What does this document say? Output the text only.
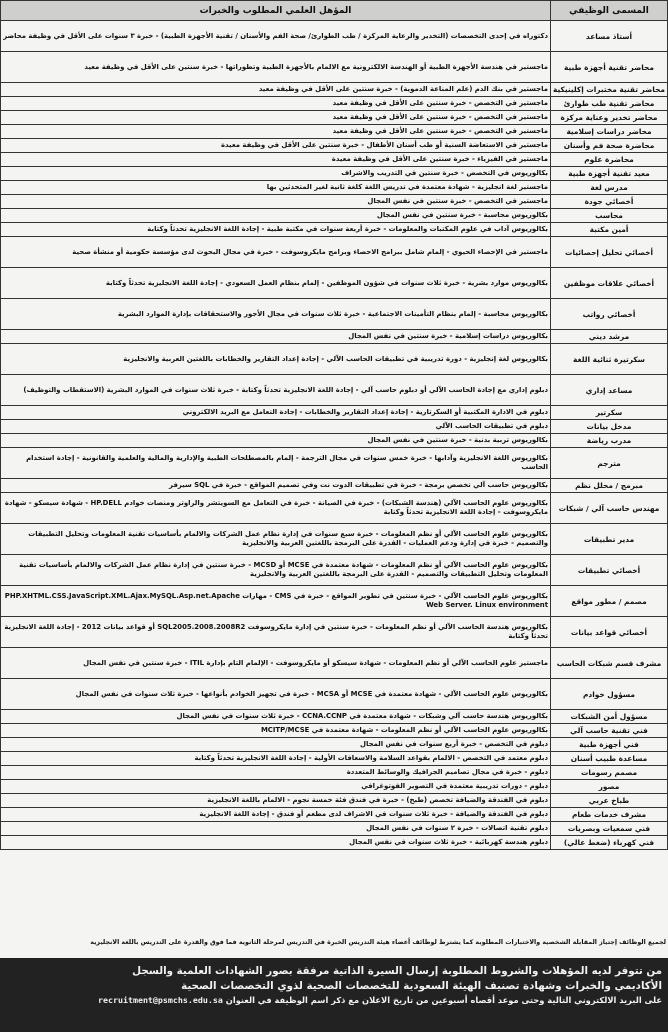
المسمى الوظيفي	المؤهل العلمي المطلوب والخبرات
أستاذ مساعد	دكتوراه في إحدى التخصصات (التخدير والرعاية المركزة / طب الطوارئ/ صحة الفم والأسنان / تقنية الأجهزة الطبية) - خبرة ٣ سنوات على الأقل في وظيفة محاضر
محاضر تقنية أجهزة طبية	ماجستير في هندسة الأجهزة الطبية أو الهندسة الالكترونية مع الالمام بالأجهزة الطبية وتطوراتها - خبرة سنتين على الأقل في وظيفة معيد
محاضر تقنية مختبرات إكلينيكية	ماجستير في بنك الدم (علم المناعة الدموية) - خبرة سنتين على الأقل في وظيفة معيد
محاضر تقنية طب طوارئ	ماجستير في التخصص - خبرة سنتين على الأقل في وظيفة معيد
محاضر تخدير وعناية مركزة	ماجستير في التخصص - خبرة سنتين على الأقل في وظيفة معيد
محاضر دراسات إسلامية	ماجستير في التخصص - خبرة سنتين على الأقل في وظيفة معيد
محاضرة صحة فم وأسنان	ماجستير في الاستعاضة السنية أو طب أسنان الأطفال - خبرة سنتين على الأقل في وظيفة معيدة
محاضرة علوم	ماجستير في الفيزياء - خبرة سنتين على الأقل في وظيفة معيدة
معيد تقنية أجهزة طبية	بكالوريوس في التخصص - خبرة سنتين في التدريب والاشراف
مدرس لغة	ماجستير لغة انجليزية - شهادة معتمدة في تدريس اللغة كلغة ثانية لغير المتحدثين بها
أخصائي جودة	ماجستير في التخصص - خبرة سنتين في نفس المجال
محاسب	بكالوريوس محاسبة - خبرة سنتين في نفس المجال
أمين مكتبة	بكالوريوس آداب في علوم المكتبات والمعلومات - خبرة أربعة سنوات في مكتبة طبية - إجادة اللغة الانجليزية تحدثاً وكتابة
أخصائي تحليل إحصائيات	ماجستير في الإحصاء الحيوي - إلمام شامل ببرامج الاحصاء وبرامج مايكروسوفت - خبرة في مجال البحوث لدى مؤسسة حكومية أو منشأة صحية
أخصائي علاقات موظفين	بكالوريوس موارد بشرية - خبرة ثلاث سنوات في شؤون الموظفين - إلمام بنظام العمل السعودي - إجادة اللغة الانجليزية تحدثاً وكتابة
أخصائي رواتب	بكالوريوس محاسبة - إلمام بنظام التأمينات الاجتماعية - خبرة ثلاث سنوات في مجال الأجور والاستحقاقات بإدارة الموارد البشرية
مرشد ديني	بكالوريوس دراسات إسلامية - خبرة سنتين في نفس المجال
سكرتيرة ثنائية اللغة	بكالوريوس لغة إنجليزية - دورة تدريبية في تطبيقات الحاسب الآلي - إجادة إعداد التقارير والخطابات باللغتين العربية والانجليزية
مساعد إداري	دبلوم إداري مع إجادة الحاسب الآلي أو دبلوم حاسب آلي - إجادة اللغة الانجليزية تحدثاً وكتابة - خبرة ثلاث سنوات في الموارد البشرية (الاستقطاب والتوظيف)
سكرتير	دبلوم في الادارة المكتبية أو السكرتارية - إجادة إعداد التقارير والخطابات - إجادة التعامل مع البريد الالكتروني
مدخل بيانات	دبلوم في تطبيقات الحاسب الآلي
مدرب رياضة	بكالوريوس تربية بدنية - خبرة سنتين في نفس المجال
مترجم	بكالوريوس اللغة الانجليزية وآدابها - خبرة خمس سنوات في مجال الترجمة - إلمام بالمصطلحات الطبية والإدارية والمالية والعلمية والقانونية - إجادة استخدام الحاسب
مبرمج / محلل نظم	بكالوريوس حاسب آلي تخصص برمجة - خبرة في تطبيقات الدوت نت وفي تصميم المواقع - خبرة في SQL سيرفر
مهندس حاسب آلي / شبكات	بكالوريوس علوم الحاسب الآلي (هندسة الشبكات) - خبرة في الصيانة - خبرة في التعامل مع السويتشر والراوتر ومنصات خوادم HP.DELL - شهادة سيسكو - شهادة مايكروسوفت - إجادة اللغة الانجليزية تحدثاً وكتابة
مدير تطبيقات	بكالوريوس علوم الحاسب الآلي أو نظم المعلومات - خبرة سبع سنوات في إدارة نظام عمل الشركات والالمام بأساسيات تقنية المعلومات وتحليل التطبيقات والتصميم - خبرة في إدارة ودعم العمليات - القدرة على البرمجة باللغتين العربية والانجليزية
أخصائي تطبيقات	بكالوريوس علوم الحاسب الآلي أو نظم المعلومات - شهادة معتمدة في MCSE أو MCSD - خبرة سنتين في إدارة نظام عمل الشركات والالمام بأساسيات تقنية المعلومات وتحليل التطبيقات والتصميم - القدرة على البرمجة باللغتين العربية والانجليزية
مصمم / مطور مواقع	بكالوريوس علوم الحاسب الآلي - خبرة سنتين في تطوير المواقع - خبرة في CMS - مهارات PHP.XHTML.CSS.JavaScript.XML.Ajax.MySQL.Asp.net.Apache Web Server. Linux environment
أخصائي قواعد بيانات	بكالوريوس هندسة الحاسب الآلي أو نظم المعلومات - خبرة سنتين في إدارة مايكروسوفت SQL2005.2008.2008R2 أو قواعد بيانات 2012 - إجادة اللغة الانجليزية تحدثاً وكتابة
مشرف قسم شبكات الحاسب	ماجستير علوم الحاسب الآلي أو نظم المعلومات - شهادة سيسكو أو مايكروسوفت - الإلمام التام بإدارة ITIL - خبرة سنتين في نفس المجال
مسؤول خوادم	بكالوريوس علوم الحاسب الآلي - شهادة معتمدة في MCSE أو MCSA - خبرة في تجهيز الخوادم بأنواعها - خبرة ثلاث سنوات في نفس المجال
مسؤول أمن الشبكات	بكالوريوس هندسة حاسب آلي وشبكات - شهادة معتمدة في CCNA.CCNP - خبرة ثلاث سنوات في نفس المجال
فني تقنية حاسب آلي	بكالوريوس علوم الحاسب الآلي أو نظم المعلومات - شهادة معتمدة في MCITP/MCSE
فني أجهزة طبية	دبلوم في التخصص - خبرة أربع سنوات في نفس المجال
مساعدة طبيب أسنان	دبلوم معتمد في التخصص - الالمام بقواعد السلامة والاسعافات الأولية - إجادة اللغة الانجليزية تحدثاً وكتابة
مصمم رسومات	دبلوم - خبرة في مجال تصاميم الجرافيك والوسائط المتعددة
مصور	دبلوم - دورات تدريبية معتمدة في التصوير الفوتوغرافي
طباخ عربي	دبلوم في الفندقة والضيافة تخصص (طبخ) - خبرة في فندق فئة خمسة نجوم - الالمام باللغة الانجليزية
مشرف خدمات طعام	دبلوم في الفندقة والضيافة - خبرة ثلاث سنوات في الاشراف لدى مطعم أو فندق - إجادة اللغة الانجليزية
فني سمعيات وبصريات	دبلوم تقنية اتصالات - خبرة ٢ سنوات في نفس المجال
فني كهرباء (ضغط عالي)	دبلوم هندسة كهربائية - خبرة ثلاث سنوات في نفس المجال
لجميع الوظائف إجتياز المقابلة الشخصية والاختبارات المطلوبة كما يشترط لوظائف أعضاء هيئة التدريس الخبرة في التدريس لمرحلة الثانوية فما فوق والقدرة على التدريس باللغة الانجليزية
من تتوفر لديه المؤهلات والشروط المطلوبة إرسال السيرة الذاتية مرفقة بصور الشهادات العلمية والسجل
الأكاديمي والخبرات وشهادة تصنيف الهيئة السعودية للتخصصات الصحية لذوي التخصصات الصحية
على البريد الالكتروني التالية وحتى موعد أقصاه أسبوعين من تاريخ الاعلان مع ذكر اسم الوظيفة في العنوان recruitment@psmchs.edu.sa
